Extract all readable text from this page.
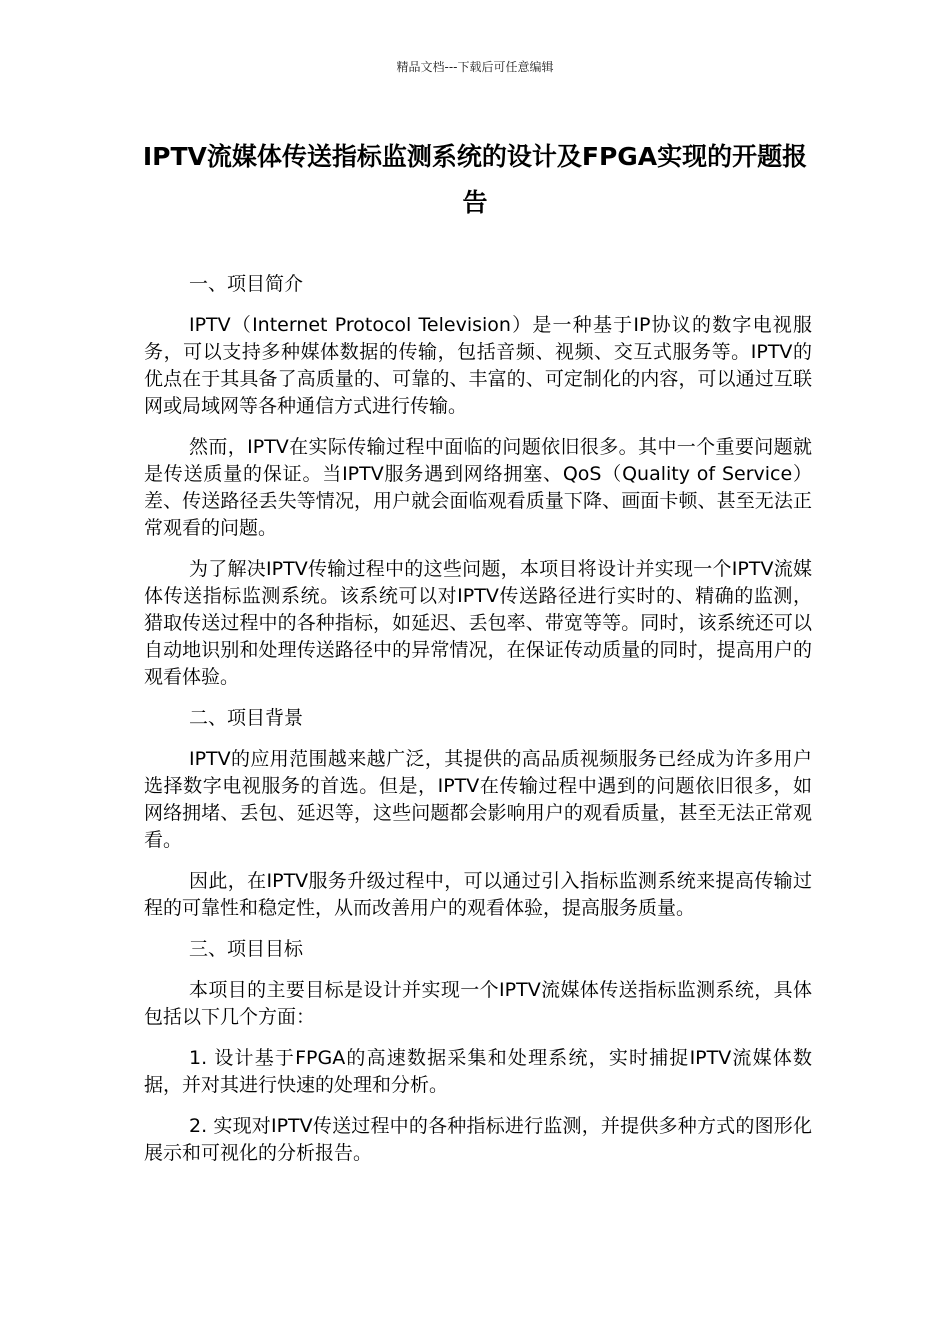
精品文档---下载后可任意编辑
IPTV流媒体传送指标监测系统的设计及FPGA实现的开题报告

一、项目简介

IPTV（Internet Protocol Television）是一种基于IP协议的数字电视服务，可以支持多种媒体数据的传输，包括音频、视频、交互式服务等。IPTV的优点在于其具备了高质量的、可靠的、丰富的、可定制化的内容，可以通过互联网或局域网等各种通信方式进行传输。

然而，IPTV在实际传输过程中面临的问题依旧很多。其中一个重要问题就是传送质量的保证。当IPTV服务遇到网络拥塞、QoS（Quality of Service）差、传送路径丢失等情况，用户就会面临观看质量下降、画面卡顿、甚至无法正常观看的问题。

为了解决IPTV传输过程中的这些问题，本项目将设计并实现一个IPTV流媒体传送指标监测系统。该系统可以对IPTV传送路径进行实时的、精确的监测，猎取传送过程中的各种指标，如延迟、丢包率、带宽等等。同时，该系统还可以自动地识别和处理传送路径中的异常情况，在保证传动质量的同时，提高用户的观看体验。

二、项目背景

IPTV的应用范围越来越广泛，其提供的高品质视频服务已经成为许多用户选择数字电视服务的首选。但是，IPTV在传输过程中遇到的问题依旧很多，如网络拥堵、丢包、延迟等，这些问题都会影响用户的观看质量，甚至无法正常观看。

因此，在IPTV服务升级过程中，可以通过引入指标监测系统来提高传输过程的可靠性和稳定性，从而改善用户的观看体验，提高服务质量。

三、项目目标

本项目的主要目标是设计并实现一个IPTV流媒体传送指标监测系统，具体包括以下几个方面：

1. 设计基于FPGA的高速数据采集和处理系统，实时捕捉IPTV流媒体数据，并对其进行快速的处理和分析。

2. 实现对IPTV传送过程中的各种指标进行监测，并提供多种方式的图形化展示和可视化的分析报告。
